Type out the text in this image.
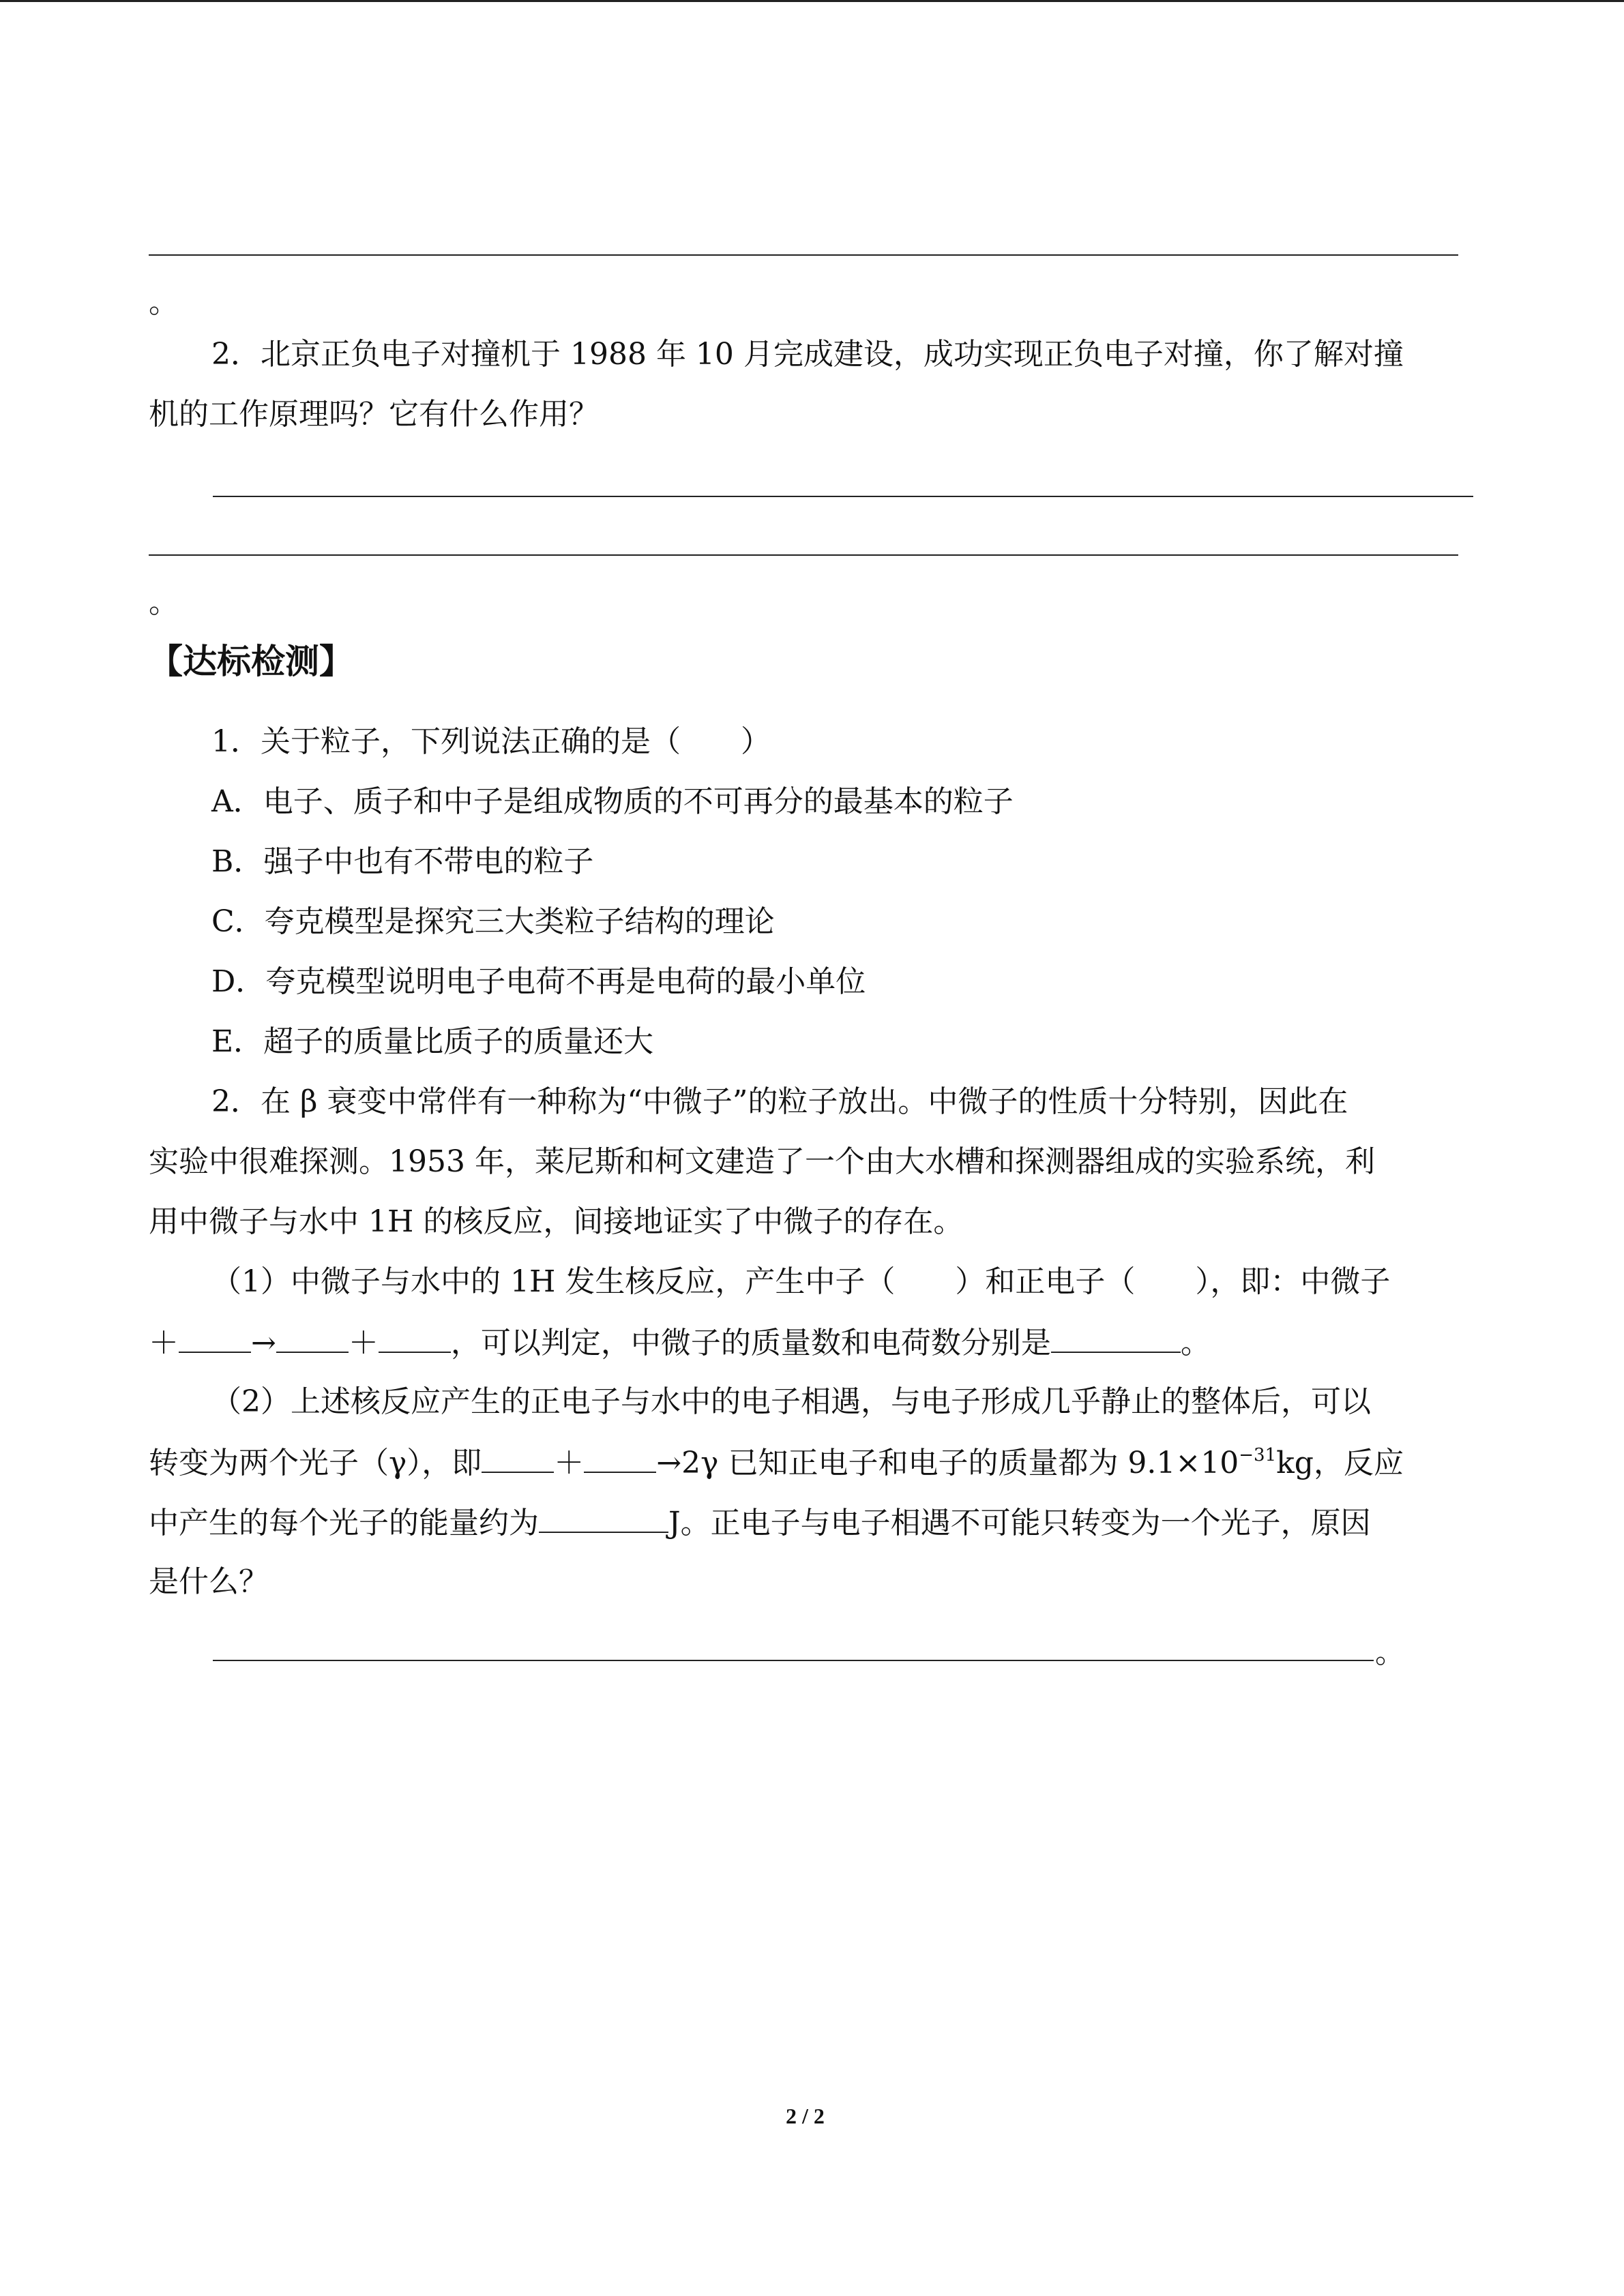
。

2．北京正负电子对撞机于 1988 年 10 月完成建设，成功实现正负电子对撞，你了解对撞

机的工作原理吗？它有什么作用？

。

【达标检测】

1．关于粒子，下列说法正确的是（　　）

A．电子、质子和中子是组成物质的不可再分的最基本的粒子

B．强子中也有不带电的粒子

C．夸克模型是探究三大类粒子结构的理论

D．夸克模型说明电子电荷不再是电荷的最小单位

E．超子的质量比质子的质量还大

2．在 β 衰变中常伴有一种称为“中微子”的粒子放出。中微子的性质十分特别，因此在

实验中很难探测。1953 年，莱尼斯和柯文建造了一个由大水槽和探测器组成的实验系统，利

用中微子与水中 1H 的核反应，间接地证实了中微子的存在。

（1）中微子与水中的 1H 发生核反应，产生中子（　　）和正电子（　　），即：中微子

＋ → ＋ ，可以判定，中微子的质量数和电荷数分别是	。

（2）上述核反应产生的正电子与水中的电子相遇，与电子形成几乎静止的整体后，可以

转变为两个光子（γ），即 ＋ →2γ 已知正电子和电子的质量都为 $9.1\times 10^{-31}kg$，反应

中产生的每个光子的能量约为	J。正电子与电子相遇不可能只转变为一个光子，原因

是什么？

。

2 / 2
